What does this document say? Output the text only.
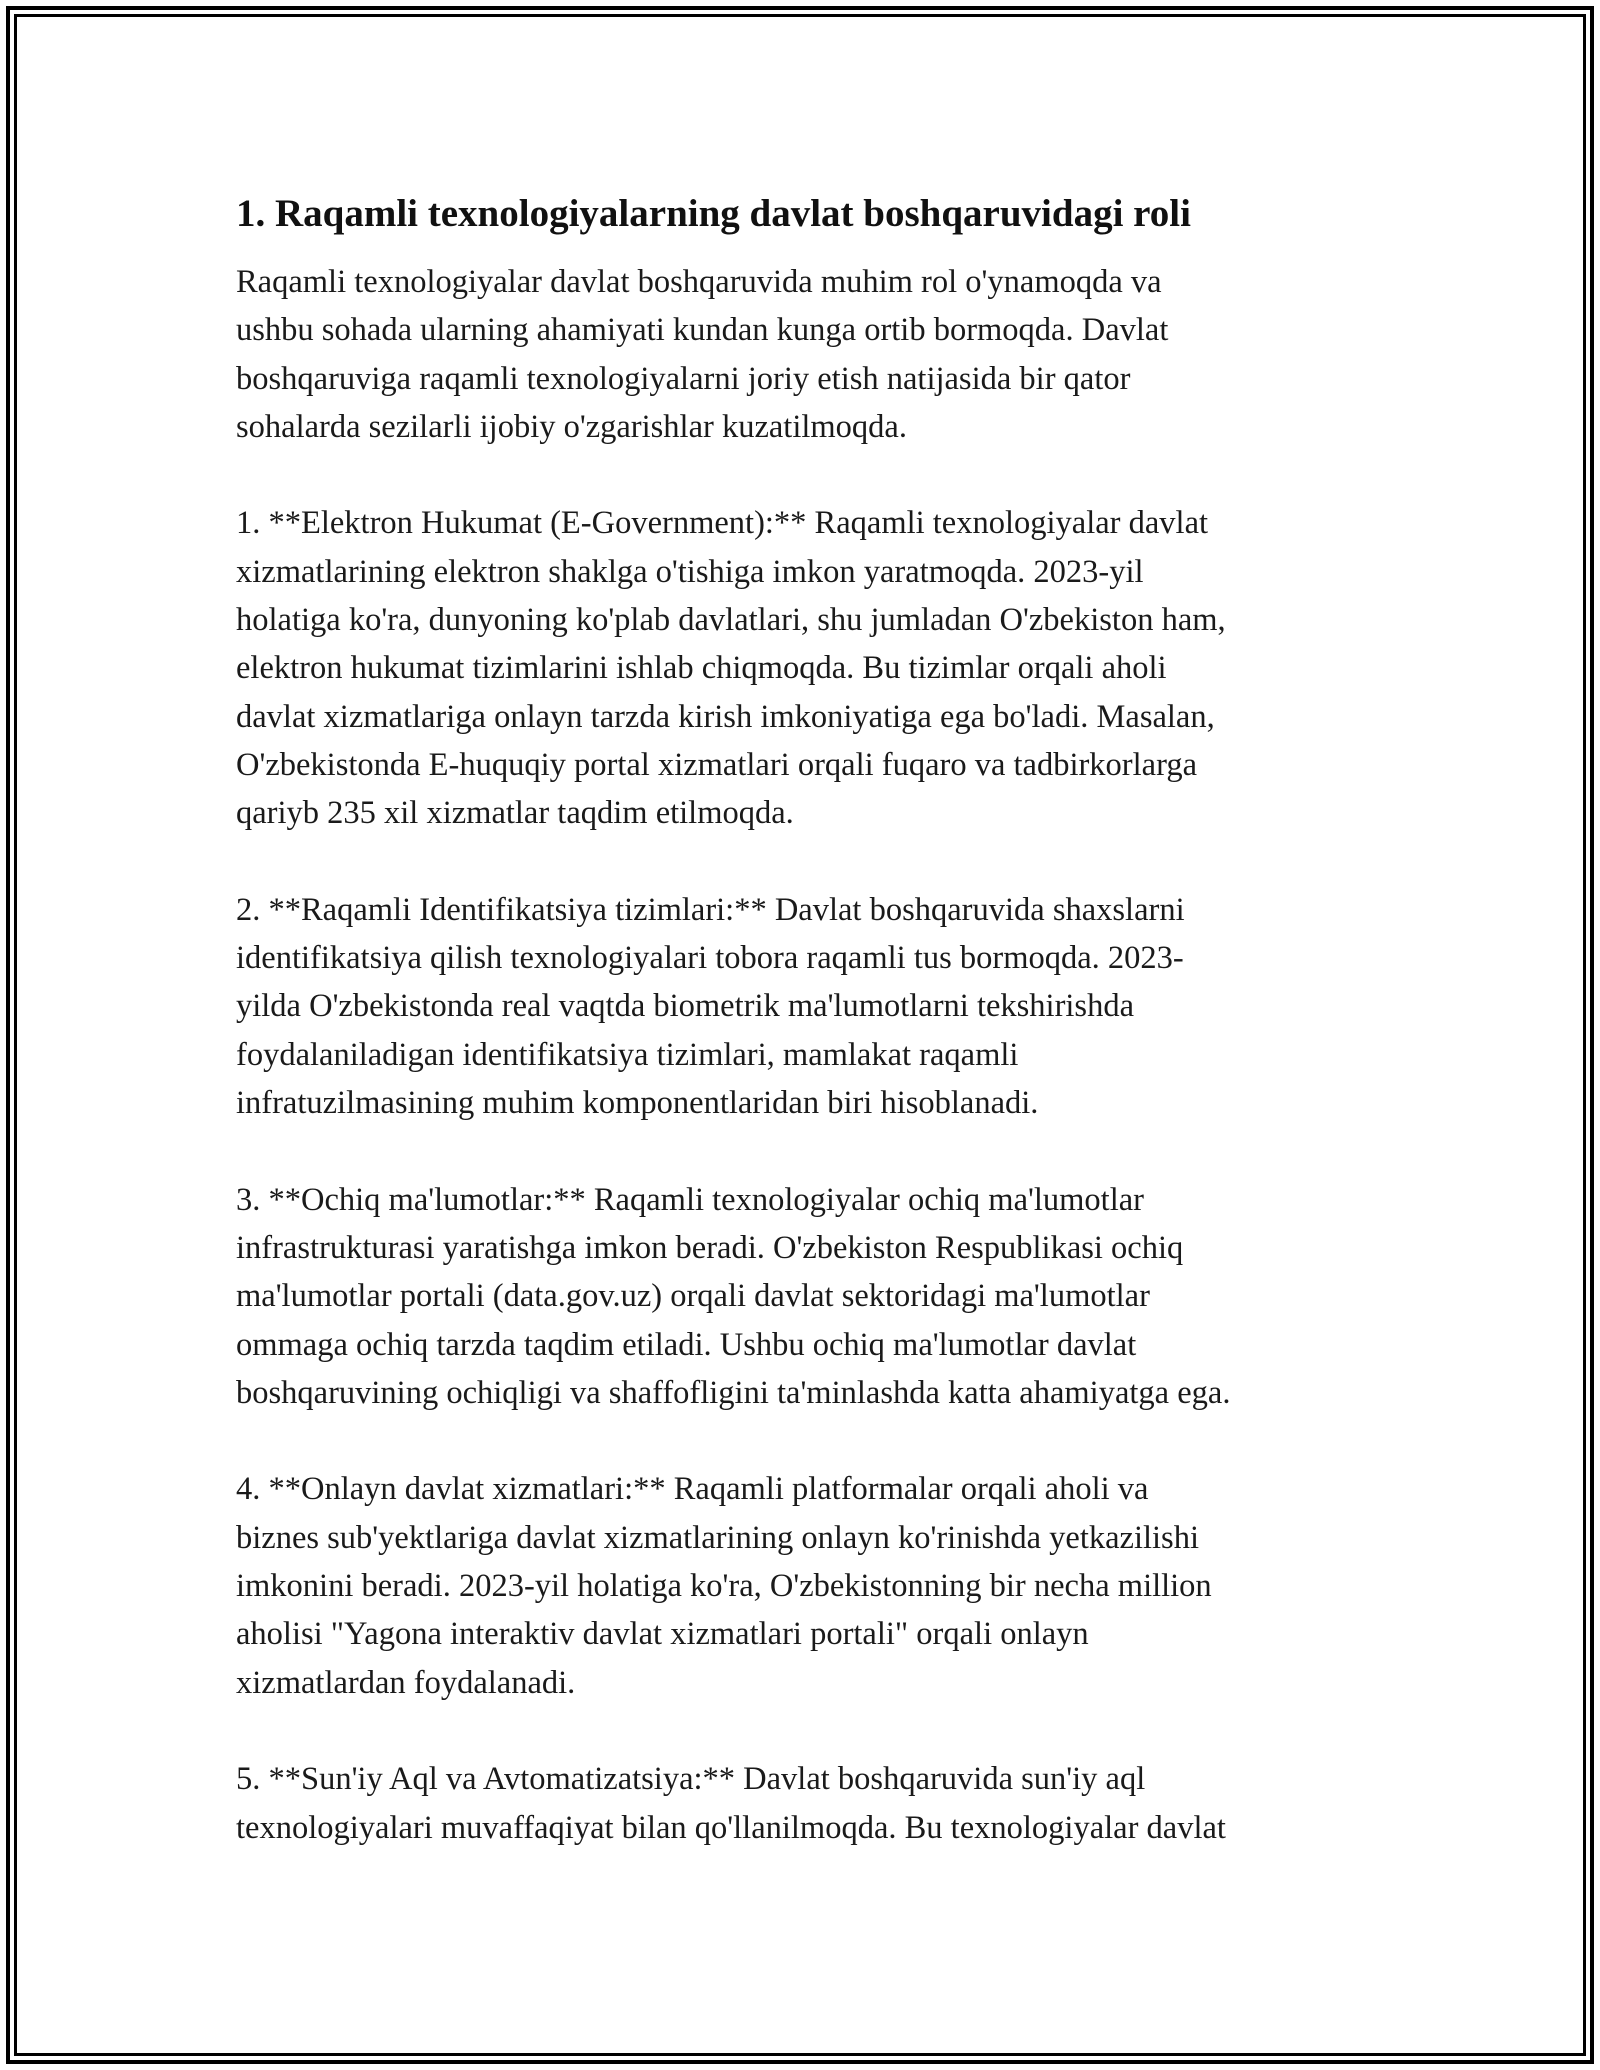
1. Raqamli texnologiyalarning davlat boshqaruvidagi roli
Raqamli texnologiyalar davlat boshqaruvida muhim rol o'ynamoqda va
ushbu sohada ularning ahamiyati kundan kunga ortib bormoqda. Davlat
boshqaruviga raqamli texnologiyalarni joriy etish natijasida bir qator
sohalarda sezilarli ijobiy o'zgarishlar kuzatilmoqda.
1. **Elektron Hukumat (E-Government):** Raqamli texnologiyalar davlat
xizmatlarining elektron shaklga o'tishiga imkon yaratmoqda. 2023-yil
holatiga ko'ra, dunyoning ko'plab davlatlari, shu jumladan O'zbekiston ham,
elektron hukumat tizimlarini ishlab chiqmoqda. Bu tizimlar orqali aholi
davlat xizmatlariga onlayn tarzda kirish imkoniyatiga ega bo'ladi. Masalan,
O'zbekistonda E-huquqiy portal xizmatlari orqali fuqaro va tadbirkorlarga
qariyb 235 xil xizmatlar taqdim etilmoqda.
2. **Raqamli Identifikatsiya tizimlari:** Davlat boshqaruvida shaxslarni
identifikatsiya qilish texnologiyalari tobora raqamli tus bormoqda. 2023-
yilda O'zbekistonda real vaqtda biometrik ma'lumotlarni tekshirishda
foydalaniladigan identifikatsiya tizimlari, mamlakat raqamli
infratuzilmasining muhim komponentlaridan biri hisoblanadi.
3. **Ochiq ma'lumotlar:** Raqamli texnologiyalar ochiq ma'lumotlar
infrastrukturasi yaratishga imkon beradi. O'zbekiston Respublikasi ochiq
ma'lumotlar portali (data.gov.uz) orqali davlat sektoridagi ma'lumotlar
ommaga ochiq tarzda taqdim etiladi. Ushbu ochiq ma'lumotlar davlat
boshqaruvining ochiqligi va shaffofligini ta'minlashda katta ahamiyatga ega.
4. **Onlayn davlat xizmatlari:** Raqamli platformalar orqali aholi va
biznes sub'yektlariga davlat xizmatlarining onlayn ko'rinishda yetkazilishi
imkonini beradi. 2023-yil holatiga ko'ra, O'zbekistonning bir necha million
aholisi "Yagona interaktiv davlat xizmatlari portali" orqali onlayn
xizmatlardan foydalanadi.
5. **Sun'iy Aql va Avtomatizatsiya:** Davlat boshqaruvida sun'iy aql
texnologiyalari muvaffaqiyat bilan qo'llanilmoqda. Bu texnologiyalar davlat
